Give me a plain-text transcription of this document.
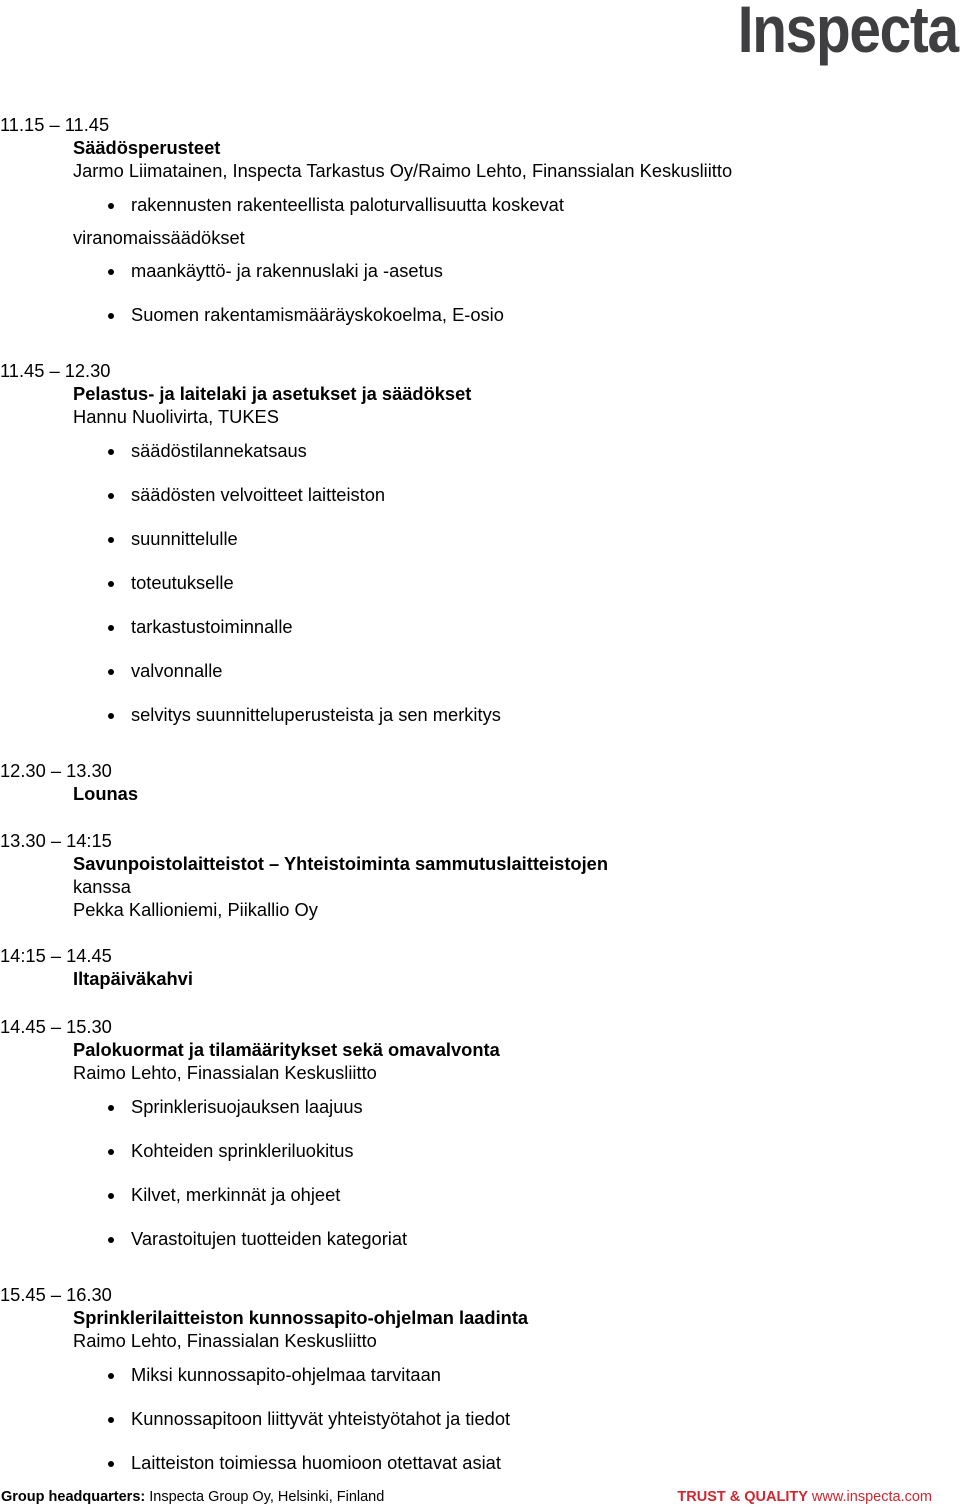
Inspecta
11.15 – 11.45
Säädösperusteet
Jarmo Liimatainen, Inspecta Tarkastus Oy/Raimo Lehto, Finanssialan Keskusliitto
rakennusten rakenteellista paloturvallisuutta koskevat
viranomaissäädökset
maankäyttö- ja rakennuslaki ja -asetus
Suomen rakentamismääräyskokoelma, E-osio
11.45 – 12.30
Pelastus- ja laitelaki ja asetukset ja säädökset
Hannu Nuolivirta, TUKES
säädöstilannekatsaus
säädösten velvoitteet laitteiston
suunnittelulle
toteutukselle
tarkastustoiminnalle
valvonnalle
selvitys suunnitteluperusteista ja sen merkitys
12.30 – 13.30
Lounas
13.30 – 14:15
Savunpoistolaitteistot – Yhteistoiminta sammutuslaitteistojen
kanssa
Pekka Kallioniemi, Piikallio Oy
14:15 – 14.45
Iltapäiväkahvi
14.45 – 15.30
Palokuormat ja tilamääritykset sekä omavalvonta
Raimo Lehto, Finassialan Keskusliitto
Sprinklerisuojauksen laajuus
Kohteiden sprinkleriluokitus
Kilvet, merkinnät ja ohjeet
Varastoitujen tuotteiden kategoriat
15.45 – 16.30
Sprinklerilaitteiston kunnossapito-ohjelman laadinta
Raimo Lehto, Finassialan Keskusliitto
Miksi kunnossapito-ohjelmaa tarvitaan
Kunnossapitoon liittyvät yhteistyötahot ja tiedot
Laitteiston toimiessa huomioon otettavat asiat
Group headquarters: Inspecta Group Oy, Helsinki, Finland	TRUST & QUALITY www.inspecta.com
